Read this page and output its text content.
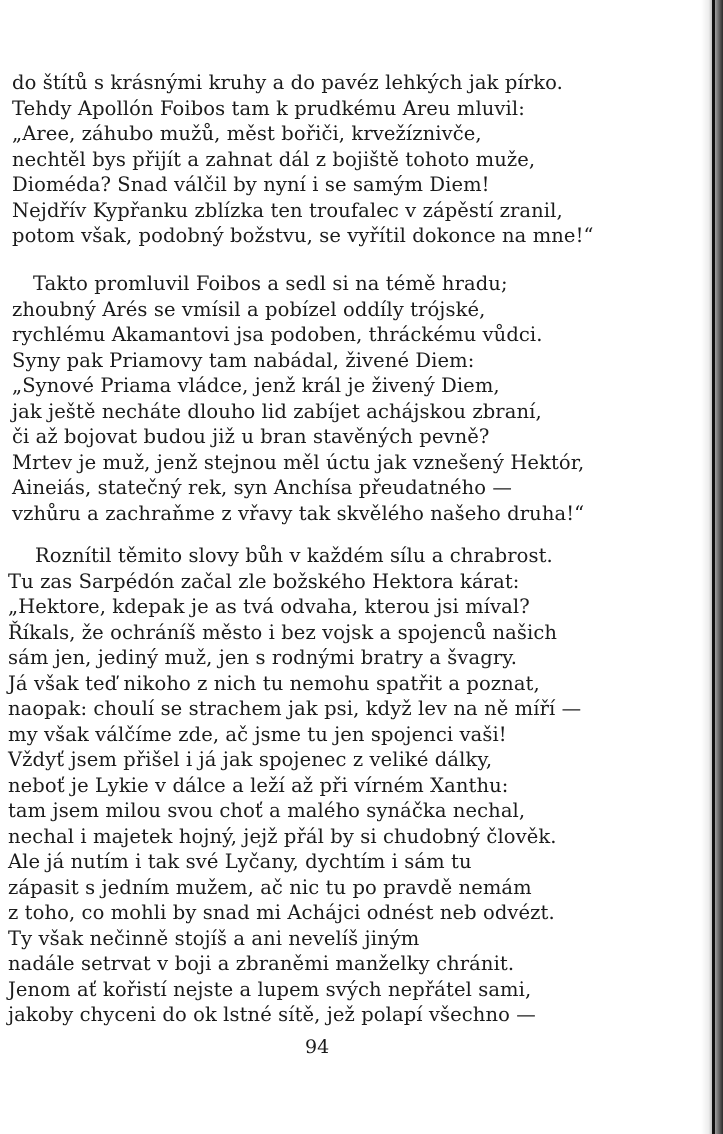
do štítů s krásnými kruhy a do pavéz lehkých jak pírko.
Tehdy Apollón Foibos tam k prudkému Areu mluvil:
„Aree, záhubo mužů, měst bořiči, krvežíznivče,
nechtěl bys přijít a zahnat dál z bojiště tohoto muže,
Dioméda? Snad válčil by nyní i se samým Diem!
Nejdřív Kypřanku zblízka ten troufalec v zápěstí zranil,
potom však, podobný božstvu, se vyřítil dokonce na mne!“
Takto promluvil Foibos a sedl si na témě hradu;
zhoubný Arés se vmísil a pobízel oddíly trójské,
rychlému Akamantovi jsa podoben, thráckému vůdci.
Syny pak Priamovy tam nabádal, živené Diem:
„Synové Priama vládce, jenž král je živený Diem,
jak ještě necháte dlouho lid zabíjet achájskou zbraní,
či až bojovat budou již u bran stavěných pevně?
Mrtev je muž, jenž stejnou měl úctu jak vznešený Hektór,
Aineiás, statečný rek, syn Anchísa přeudatného —
vzhůru a zachraňme z vřavy tak skvělého našeho druha!“
Roznítil těmito slovy bůh v každém sílu a chrabrost.
Tu zas Sarpédón začal zle božského Hektora kárat:
„Hektore, kdepak je as tvá odvaha, kterou jsi míval?
Říkals, že ochráníš město i bez vojsk a spojenců našich
sám jen, jediný muž, jen s rodnými bratry a švagry.
Já však teď nikoho z nich tu nemohu spatřit a poznat,
naopak: choulí se strachem jak psi, když lev na ně míří —
my však válčíme zde, ač jsme tu jen spojenci vaši!
Vždyť jsem přišel i já jak spojenec z veliké dálky,
neboť je Lykie v dálce a leží až při vírném Xanthu:
tam jsem milou svou choť a malého synáčka nechal,
nechal i majetek hojný, jejž přál by si chudobný člověk.
Ale já nutím i tak své Lyčany, dychtím i sám tu
zápasit s jedním mužem, ač nic tu po pravdě nemám
z toho, co mohli by snad mi Achájci odnést neb odvézt.
Ty však nečinně stojíš a ani nevelíš jiným
nadále setrvat v boji a zbraněmi manželky chránit.
Jenom ať kořistí nejste a lupem svých nepřátel sami,
jakoby chyceni do ok lstné sítě, jež polapí všechno —
94
